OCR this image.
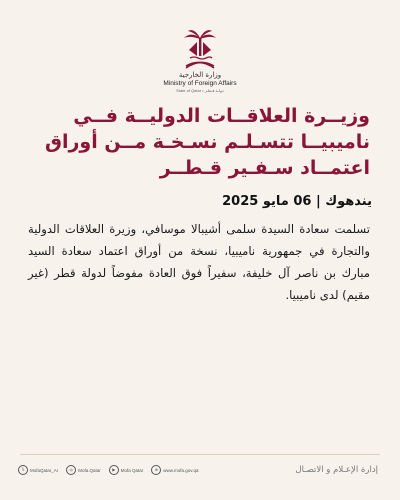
وزارة الخارجية
Ministry of Foreign Affairs
State of Qatar • دولـة قـطـر
وزيــرة العلاقــات الدوليــة فــي ناميبيــا تتسـلـم نسـخـة مــن أوراق اعتمــاد سـفـير قـطــر
يندهوك | 06 مايو 2025
تسلمت سعادة السيدة سلمى أشيبالا موسافي، وزيرة العلاقات الدولية والتجارة في جمهورية ناميبيا، نسخة من أوراق اعتماد سعادة السيد مبارك بن ناصر آل خليفة، سفيراً فوق العادة مفوضاً لدولة قطر (غير مقيم) لدى ناميبيا.
𝕏	MofaQatar_Ar	◎	Mofa.Qatar	▶	Mofa Qatar	⊕	www.mofa.gov.qa	إدارة الإعـلام و الاتصـال
